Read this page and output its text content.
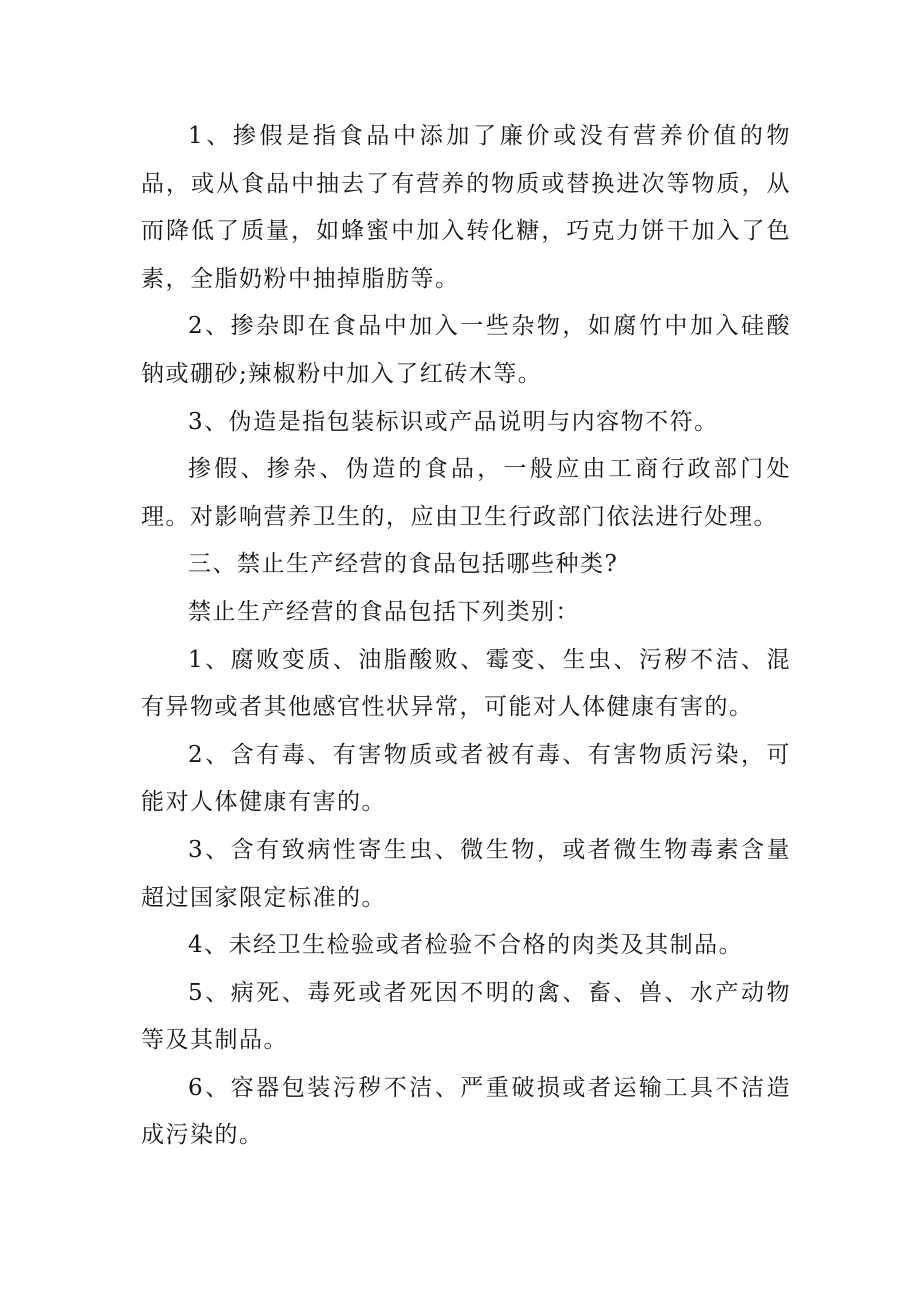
1、掺假是指食品中添加了廉价或没有营养价值的物品，或从食品中抽去了有营养的物质或替换进次等物质，从而降低了质量，如蜂蜜中加入转化糖，巧克力饼干加入了色素，全脂奶粉中抽掉脂肪等。

2、掺杂即在食品中加入一些杂物，如腐竹中加入硅酸钠或硼砂;辣椒粉中加入了红砖木等。

3、伪造是指包装标识或产品说明与内容物不符。

掺假、掺杂、伪造的食品，一般应由工商行政部门处理。对影响营养卫生的，应由卫生行政部门依法进行处理。

三、禁止生产经营的食品包括哪些种类?

禁止生产经营的食品包括下列类别：

1、腐败变质、油脂酸败、霉变、生虫、污秽不洁、混有异物或者其他感官性状异常，可能对人体健康有害的。

2、含有毒、有害物质或者被有毒、有害物质污染，可能对人体健康有害的。

3、含有致病性寄生虫、微生物，或者微生物毒素含量超过国家限定标准的。

4、未经卫生检验或者检验不合格的肉类及其制品。

5、病死、毒死或者死因不明的禽、畜、兽、水产动物等及其制品。

6、容器包装污秽不洁、严重破损或者运输工具不洁造成污染的。
